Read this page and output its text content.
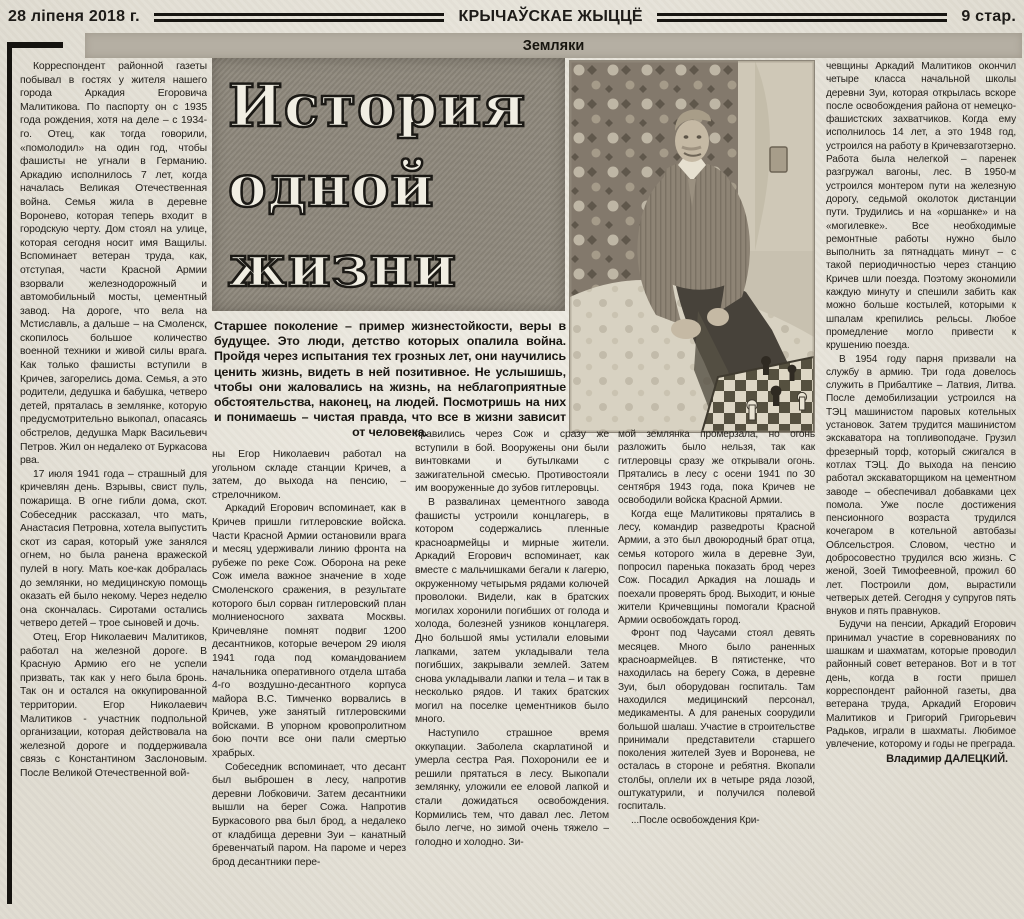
28 ліпеня 2018 г.	КРЫЧАЎСКАЕ ЖЫЦЦЁ	9 стар.
Земляки

Корреспондент районной газеты побывал в гостях у жителя нашего города Аркадия Егоровича Малитикова. По паспорту он с 1935 года рождения, хотя на деле – с 1934-го. Отец, как тогда говорили, «помолодил» на один год, чтобы фашисты не угнали в Германию. Аркадию исполнилось 7 лет, когда началась Великая Отечественная война. Семья жила в деревне Воронево, которая теперь входит в городскую черту. Дом стоял на улице, которая сегодня носит имя Ващилы. Вспоминает ветеран труда, как, отступая, части Красной Армии взорвали железнодорожный и автомобильный мосты, цементный завод. На дороге, что вела на Мстиславль, а дальше – на Смоленск, скопилось большое количество военной техники и живой силы врага. Как только фашисты вступили в Кричев, загорелись дома. Семья, а это родители, дедушка и бабушка, четверо детей, пряталась в землянке, которую предусмотрительно выкопал, опасаясь обстрелов, дедушка Марк Васильевич Петров. Жил он недалеко от Буркасова рва.

17 июля 1941 года – страшный для кричевлян день. Взрывы, свист пуль, пожарища. В огне гибли дома, скот. Собеседник рассказал, что мать, Анастасия Петровна, хотела выпустить скот из сарая, который уже занялся огнем, но была ранена вражеской пулей в ногу. Мать кое-как добралась до землянки, но медицинскую помощь оказать ей было некому. Через неделю она скончалась. Сиротами остались четверо детей – трое сыновей и дочь.

Отец, Егор Николаевич Малитиков, работал на железной дороге. В Красную Армию его не успели призвать, так как у него была бронь. Так он и остался на оккупированной территории. Егор Николаевич Малитиков - участник подпольной организации, которая действовала на железной дороге и поддерживала связь с Константином Заслоновым. После Великой Отечественной вой-

История
одной
жизни
Старшее поколение – пример жизнестойкости, веры в будущее. Это люди, детство которых опалила война. Пройдя через испытания тех грозных лет, они научились ценить жизнь, видеть в ней позитивное. Не услышишь, чтобы они жаловались на жизнь, на неблагоприятные обстоятельства, наконец, на людей. Посмотришь на них и понимаешь – чистая правда, что все в жизни зависит от человека.

ны Егор Николаевич работал на угольном складе станции Кричев, а затем, до выхода на пенсию, – стрелочником.

Аркадий Егорович вспоминает, как в Кричев пришли гитлеровские войска. Части Красной Армии остановили врага и месяц удерживали линию фронта на рубеже по реке Сож. Оборона на реке Сож имела важное значение в ходе Смоленского сражения, в результате которого был сорван гитлеровский план молниеносного захвата Москвы. Кричевляне помнят подвиг 1200 десантников, которые вечером 29 июля 1941 года под командованием начальника оперативного отдела штаба 4-го воздушно-десантного корпуса майора В.С. Тимченко ворвались в Кричев, уже занятый гитлеровскими войсками. В упорном кровопролитном бою почти все они пали смертью храбрых.

Собеседник вспоминает, что десант был выброшен в лесу, напротив деревни Лобковичи. Затем десантники вышли на берег Сожа. Напротив Буркасового рва был брод, а недалеко от кладбища деревни Зуи – канатный бревенчатый паром. На пароме и через брод десантники пере-

правились через Сож и сразу же вступили в бой. Вооружены они были винтовками и бутылками с зажигательной смесью. Противостояли им вооруженные до зубов гитлеровцы.

В развалинах цементного завода фашисты устроили концлагерь, в котором содержались пленные красноармейцы и мирные жители. Аркадий Егорович вспоминает, как вместе с мальчишками бегали к лагерю, окруженному четырьмя рядами колючей проволоки. Видели, как в братских могилах хоронили погибших от голода и холода, болезней узников концлагеря. Дно большой ямы устилали еловыми лапками, затем укладывали тела погибших, закрывали землей. Затем снова укладывали лапки и тела – и так в несколько рядов. И таких братских могил на поселке цементников было много.

Наступило страшное время оккупации. Заболела скарлатиной и умерла сестра Рая. Похоронили ее и решили прятаться в лесу. Выкопали землянку, уложили ее еловой лапкой и стали дожидаться освобождения. Кормились тем, что давал лес. Летом было легче, но зимой очень тяжело – голодно и холодно. Зи-

мой землянка промерзала, но огонь разложить было нельзя, так как гитлеровцы сразу же открывали огонь. Прятались в лесу с осени 1941 по 30 сентября 1943 года, пока Кричев не освободили войска Красной Армии.

Когда еще Малитиковы прятались в лесу, командир разведроты Красной Армии, а это был двоюродный брат отца, семья которого жила в деревне Зуи, попросил паренька показать брод через Сож. Посадил Аркадия на лошадь и поехали проверять брод. Выходит, и юные жители Кричевщины помогали Красной Армии освобождать город.

Фронт под Чаусами стоял девять месяцев. Много было раненных красноармейцев. В пятистенке, что находилась на берегу Сожа, в деревне Зуи, был оборудован госпиталь. Там находился медицинский персонал, медикаменты. А для раненых соорудили большой шалаш. Участие в строительстве принимали представители старшего поколения жителей Зуев и Воронева, не осталась в стороне и ребятня. Вкопали столбы, оплели их в четыре ряда лозой, оштукатурили, и получился полевой госпиталь.

...После освобождения Кри-

чевщины Аркадий Малитиков окончил четыре класса начальной школы деревни Зуи, которая открылась вскоре после освобождения района от немецко-фашистских захватчиков. Когда ему исполнилось 14 лет, а это 1948 год, устроился на работу в Кричевзаготзерно. Работа была нелегкой – паренек разгружал вагоны, лес. В 1950-м устроился монтером пути на железную дорогу, седьмой околоток дистанции пути. Трудились и на «оршанке» и на «могилевке». Все необходимые ремонтные работы нужно было выполнить за пятнадцать минут – с такой периодичностью через станцию Кричев шли поезда. Поэтому экономили каждую минуту и спешили забить как можно больше костылей, которыми к шпалам крепились рельсы. Любое промедление могло привести к крушению поезда.

В 1954 году парня призвали на службу в армию. Три года довелось служить в Прибалтике – Латвия, Литва. После демобилизации устроился на ТЭЦ машинистом паровых котельных установок. Затем трудится машинистом экскаватора на топливоподаче. Грузил фрезерный торф, который сжигался в котлах ТЭЦ. До выхода на пенсию работал экскаваторщиком на цементном заводе – обеспечивал добавками цех помола. Уже после достижения пенсионного возраста трудился кочегаром в котельной автобазы Облсельстроя. Словом, честно и добросовестно трудился всю жизнь. С женой, Зоей Тимофеевной, прожил 60 лет. Построили дом, вырастили четверых детей. Сегодня у супругов пять внуков и пять правнуков.

Будучи на пенсии, Аркадий Егорович принимал участие в соревнованиях по шашкам и шахматам, которые проводил районный совет ветеранов. Вот и в тот день, когда в гости пришел корреспондент районной газеты, два ветерана труда, Аркадий Егорович Малитиков и Григорий Григорьевич Радьков, играли в шахматы. Любимое увлечение, которому и годы не преграда.

Владимир ДАЛЕЦКИЙ.
